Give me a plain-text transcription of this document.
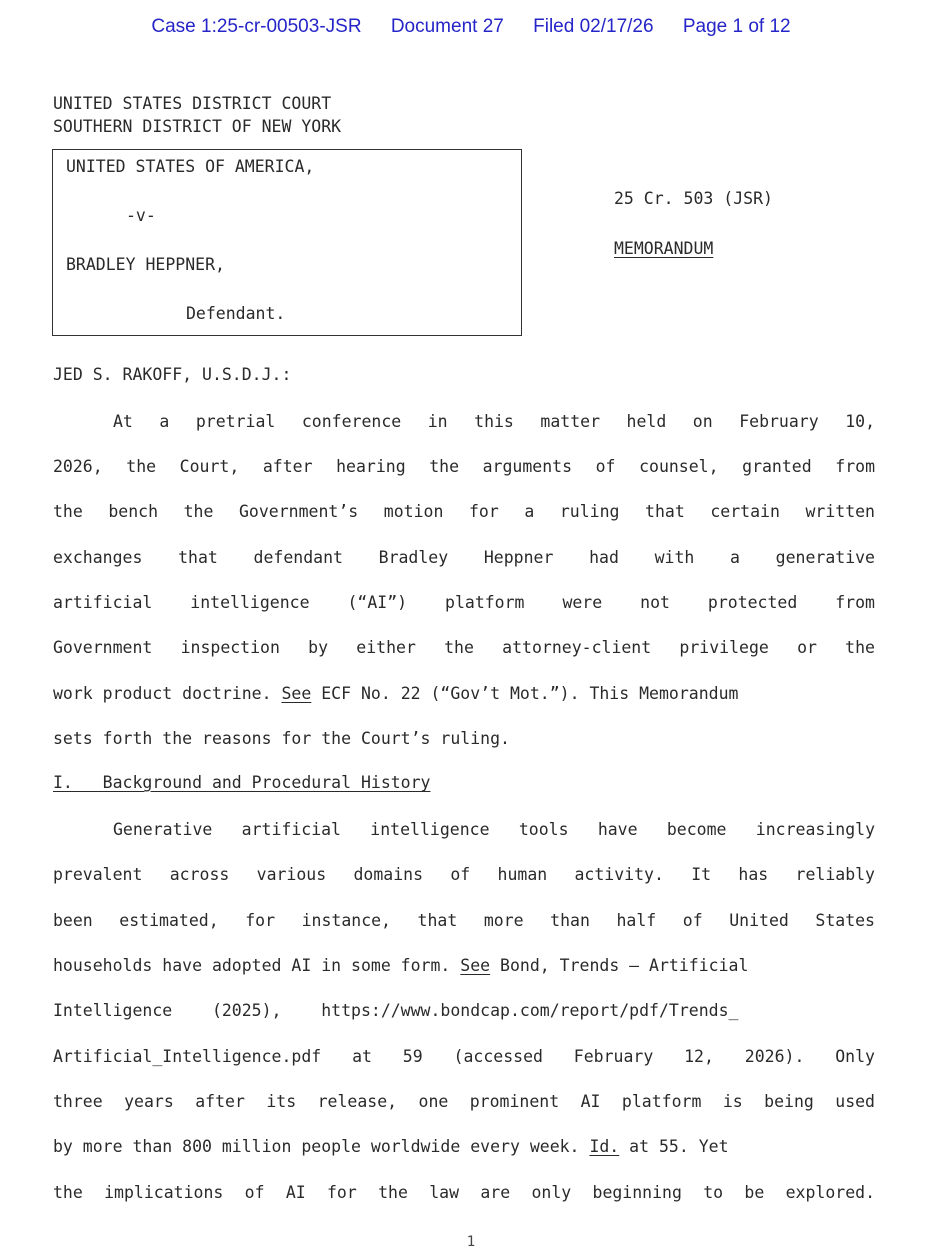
Case 1:25-cr-00503-JSR Document 27 Filed 02/17/26 Page 1 of 12
UNITED STATES DISTRICT COURT
SOUTHERN DISTRICT OF NEW YORK
UNITED STATES OF AMERICA,
-v-
BRADLEY HEPPNER,
Defendant.
25 Cr. 503 (JSR)
MEMORANDUM
JED S. RAKOFF, U.S.D.J.:
At a pretrial conference in this matter held on February 10,
2026, the Court, after hearing the arguments of counsel, granted from
the bench the Government’s motion for a ruling that certain written
exchanges that defendant Bradley Heppner had with a generative
artificial intelligence (“AI”) platform were not protected from
Government inspection by either the attorney-client privilege or the
work product doctrine. See ECF No. 22 (“Gov’t Mot.”). This Memorandum
sets forth the reasons for the Court’s ruling.
I.   Background and Procedural History
Generative artificial intelligence tools have become increasingly
prevalent across various domains of human activity. It has reliably
been estimated, for instance, that more than half of United States
households have adopted AI in some form. See Bond, Trends – Artificial
Intelligence    (2025),    https://www.bondcap.com/report/pdf/Trends_
Artificial_Intelligence.pdf at 59 (accessed February 12, 2026). Only
three years after its release, one prominent AI platform is being used
by more than 800 million people worldwide every week. Id. at 55. Yet
the implications of AI for the law are only beginning to be explored.
1
